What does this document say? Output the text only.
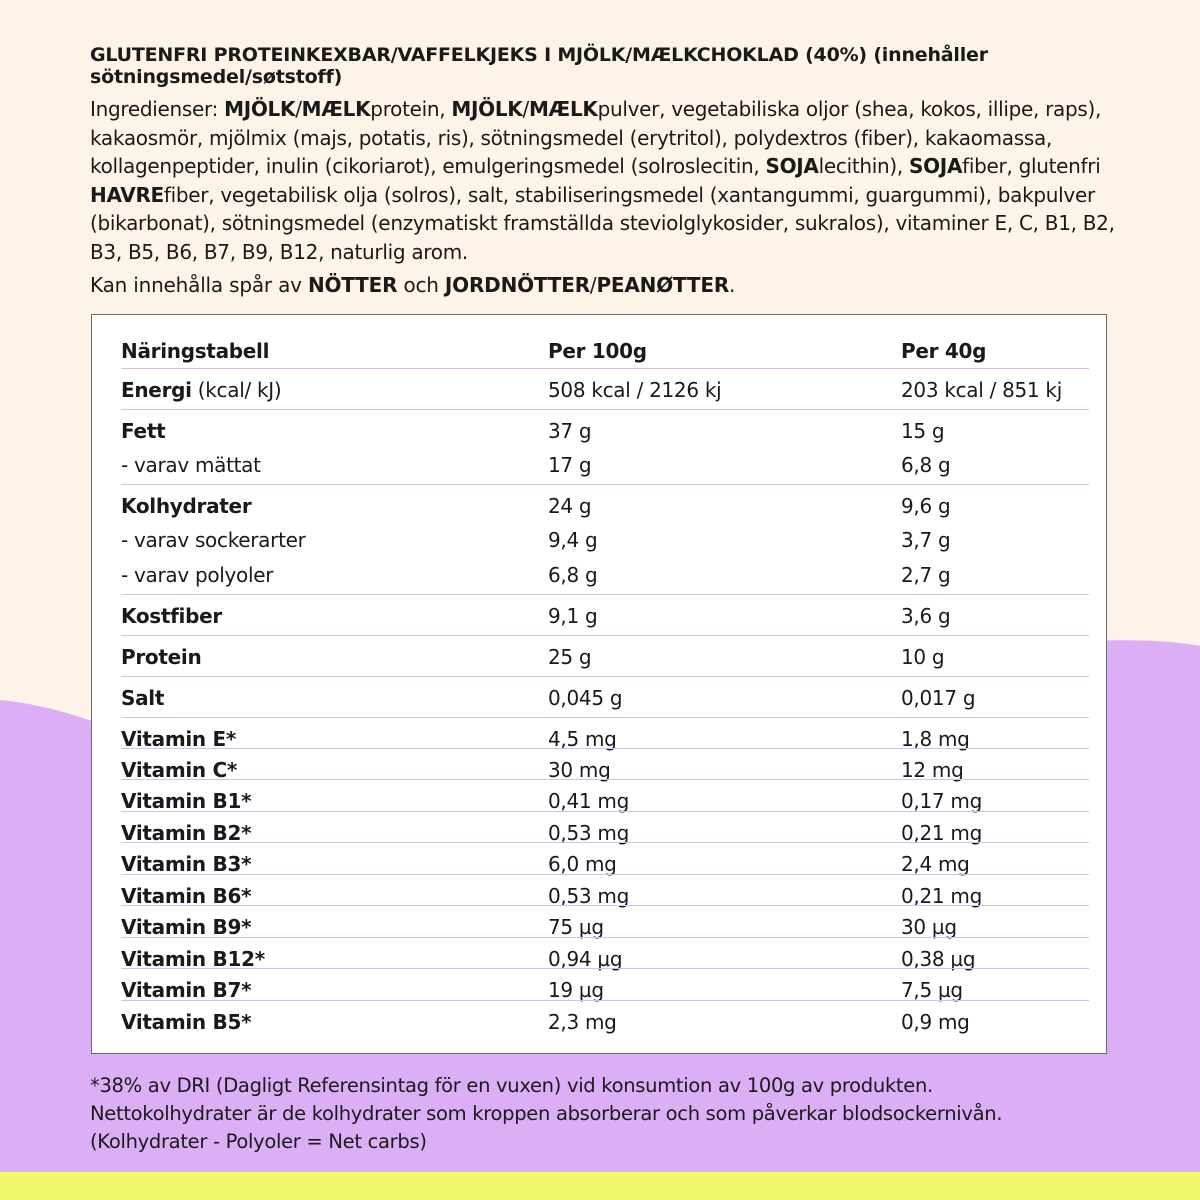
GLUTENFRI PROTEINKEXBAR/VAFFELKJEKS I MJÖLK/MÆLKCHOKLAD (40%) (innehåller sötningsmedel/søtstoff)
Ingredienser: MJÖLK/MÆLKprotein, MJÖLK/MÆLKpulver, vegetabiliska oljor (shea, kokos, illipe, raps), kakaosmör, mjölmix (majs, potatis, ris), sötningsmedel (erytritol), polydextros (fiber), kakaomassa, kollagenpeptider, inulin (cikoriarot), emulgeringsmedel (solroslecitin, SOJAlecithin), SOJAfiber, glutenfri HAVREfiber, vegetabilisk olja (solros), salt, stabiliseringsmedel (xantangummi, guargummi), bakpulver (bikarbonat), sötningsmedel (enzymatiskt framställda steviolglykosider, sukralos), vitaminer E, C, B1, B2, B3, B5, B6, B7, B9, B12, naturlig arom.
Kan innehålla spår av NÖTTER och JORDNÖTTER/PEANØTTER.
Näringstabell	Per 100g	Per 40g
Energi (kcal/ kJ)	508 kcal / 2126 kj	203 kcal / 851 kj
Fett	37 g	15 g
- varav mättat	17 g	6,8 g
Kolhydrater	24 g	9,6 g
- varav sockerarter	9,4 g	3,7 g
- varav polyoler	6,8 g	2,7 g
Kostfiber	9,1 g	3,6 g
Protein	25 g	10 g
Salt	0,045 g	0,017 g
Vitamin E*	4,5 mg	1,8 mg
Vitamin C*	30 mg	12 mg
Vitamin B1*	0,41 mg	0,17 mg
Vitamin B2*	0,53 mg	0,21 mg
Vitamin B3*	6,0 mg	2,4 mg
Vitamin B6*	0,53 mg	0,21 mg
Vitamin B9*	75 µg	30 µg
Vitamin B12*	0,94 µg	0,38 µg
Vitamin B7*	19 µg	7,5 µg
Vitamin B5*	2,3 mg	0,9 mg
*38% av DRI (Dagligt Referensintag för en vuxen) vid konsumtion av 100g av produkten.
Nettokolhydrater är de kolhydrater som kroppen absorberar och som påverkar blodsockernivån.
(Kolhydrater - Polyoler = Net carbs)
